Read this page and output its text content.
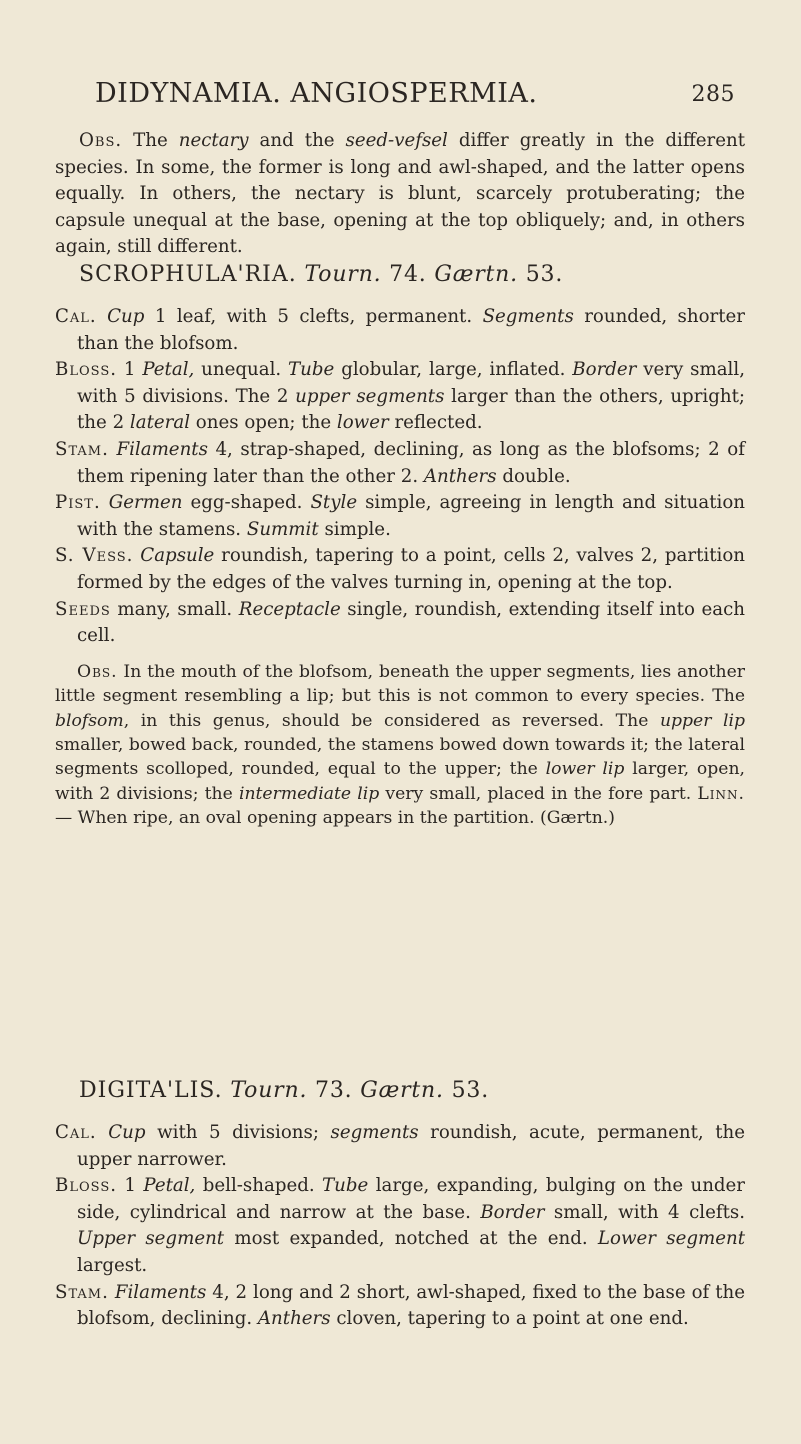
DIDYNAMIA. ANGIOSPERMIA.	285

Obs. The nectary and the seed-vefsel differ greatly in the different species. In some, the former is long and awl-shaped, and the latter opens equally. In others, the nectary is blunt, scarcely protuberating; the capsule unequal at the base, opening at the top obliquely; and, in others again, still different.

SCROPHULA'RIA. Tourn. 74. Gærtn. 53.

Cal. Cup 1 leaf, with 5 clefts, permanent. Segments rounded, shorter than the blofsom.

Bloss. 1 Petal, unequal. Tube globular, large, inflated. Border very small, with 5 divisions. The 2 upper segments larger than the others, upright; the 2 lateral ones open; the lower reflected.

Stam. Filaments 4, strap-shaped, declining, as long as the blofsoms; 2 of them ripening later than the other 2. Anthers double.

Pist. Germen egg-shaped. Style simple, agreeing in length and situation with the stamens. Summit simple.

S. Vess. Capsule roundish, tapering to a point, cells 2, valves 2, partition formed by the edges of the valves turning in, opening at the top.

Seeds many, small. Receptacle single, roundish, extending itself into each cell.

Obs. In the mouth of the blofsom, beneath the upper segments, lies another little segment resembling a lip; but this is not common to every species. The blofsom, in this genus, should be considered as reversed. The upper lip smaller, bowed back, rounded, the stamens bowed down towards it; the lateral segments scolloped, rounded, equal to the upper; the lower lip larger, open, with 2 divisions; the intermediate lip very small, placed in the fore part. Linn. — When ripe, an oval opening appears in the partition. (Gærtn.)

DIGITA'LIS. Tourn. 73. Gærtn. 53.

Cal. Cup with 5 divisions; segments roundish, acute, permanent, the upper narrower.

Bloss. 1 Petal, bell-shaped. Tube large, expanding, bulging on the under side, cylindrical and narrow at the base. Border small, with 4 clefts. Upper segment most expanded, notched at the end. Lower segment largest.

Stam. Filaments 4, 2 long and 2 short, awl-shaped, fixed to the base of the blofsom, declining. Anthers cloven, tapering to a point at one end.
